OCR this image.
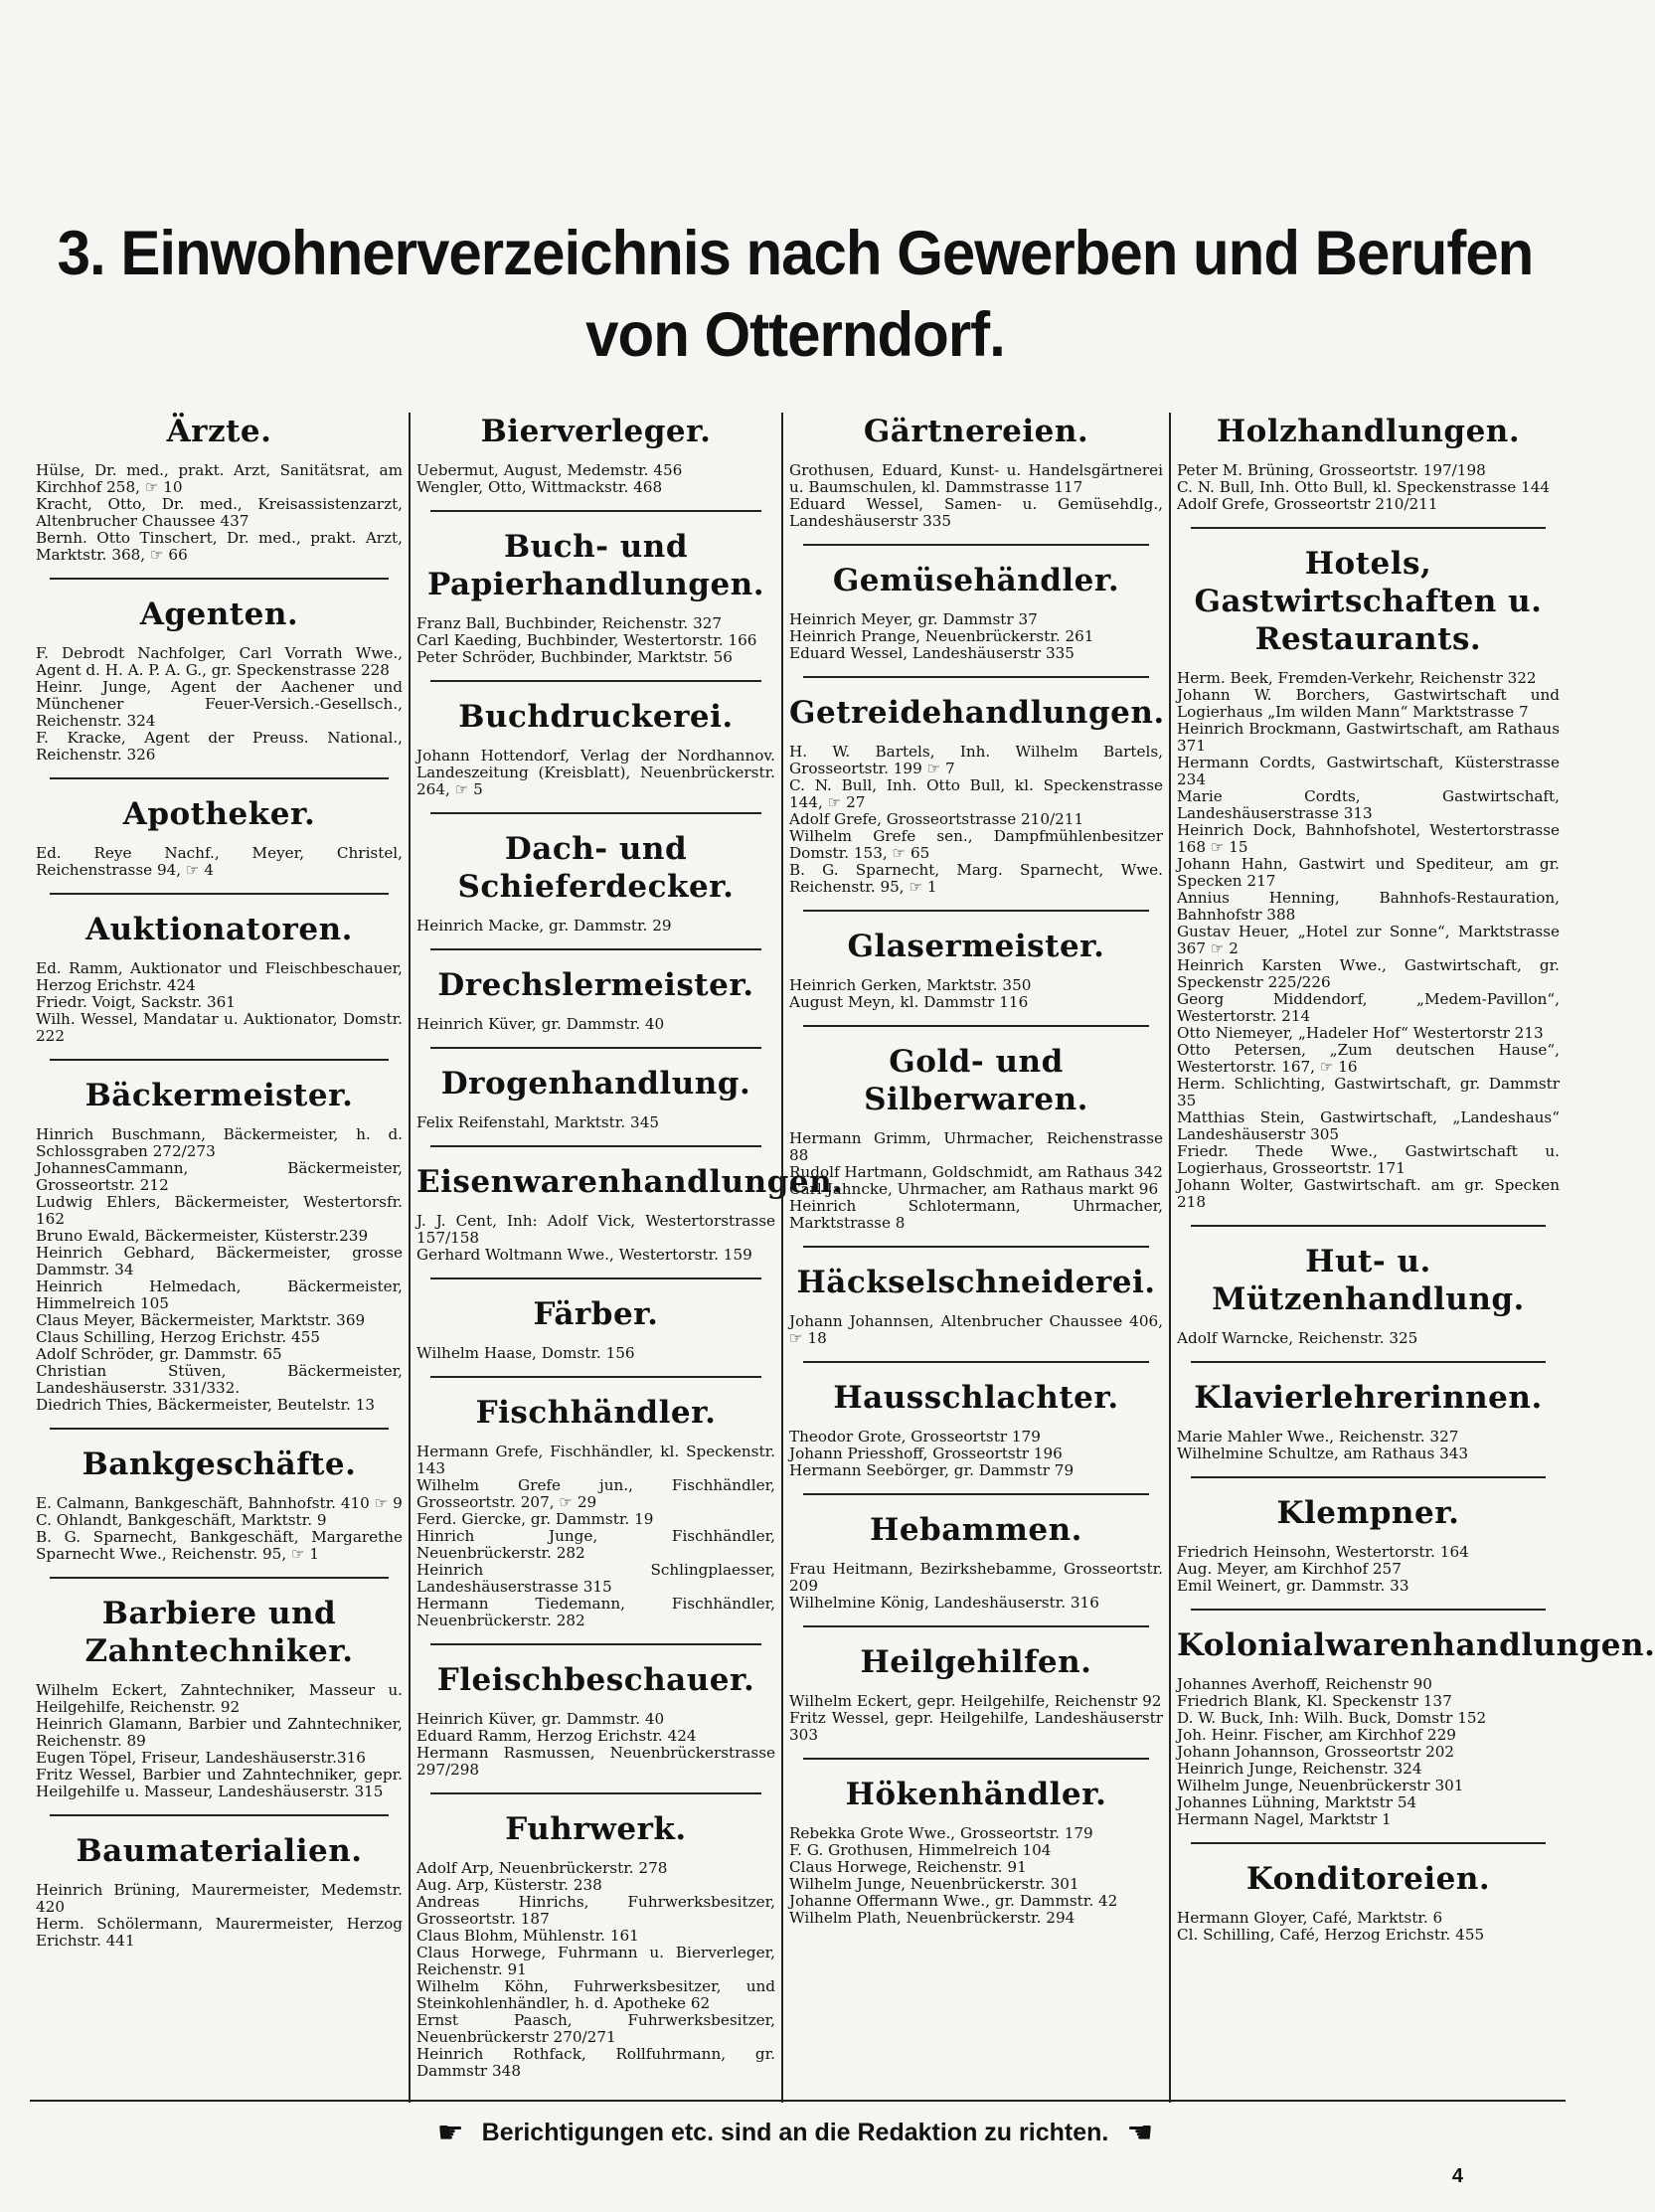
3. Einwohnerverzeichnis nach Gewerben und Berufen
von Otterndorf.
Ärzte.
Hülse, Dr. med., prakt. Arzt, Sanitätsrat, am Kirchhof 258, ☞ 10
Kracht, Otto, Dr. med., Kreisassistenzarzt, Altenbrucher Chaussee 437
Bernh. Otto Tinschert, Dr. med., prakt. Arzt, Marktstr. 368, ☞ 66
Agenten.
F. Debrodt Nachfolger, Carl Vorrath Wwe., Agent d. H. A. P. A. G., gr. Speckenstrasse 228
Heinr. Junge, Agent der Aachener und Münchener Feuer-Versich.-Gesellsch., Reichenstr. 324
F. Kracke, Agent der Preuss. National., Reichenstr. 326
Apotheker.
Ed. Reye Nachf., Meyer, Christel, Reichenstrasse 94, ☞ 4
Auktionatoren.
Ed. Ramm, Auktionator und Fleischbeschauer, Herzog Erichstr. 424
Friedr. Voigt, Sackstr. 361
Wilh. Wessel, Mandatar u. Auktionator, Domstr. 222
Bäckermeister.
Hinrich Buschmann, Bäckermeister, h. d. Schlossgraben 272/273
JohannesCammann, Bäckermeister, Grosseortstr. 212
Ludwig Ehlers, Bäckermeister, Westertorsfr. 162
Bruno Ewald, Bäckermeister, Küsterstr.239
Heinrich Gebhard, Bäckermeister, grosse Dammstr. 34
Heinrich Helmedach, Bäckermeister, Himmelreich 105
Claus Meyer, Bäckermeister, Marktstr. 369
Claus Schilling, Herzog Erichstr. 455
Adolf Schröder, gr. Dammstr. 65
Christian Stüven, Bäckermeister, Landeshäuserstr. 331/332.
Diedrich Thies, Bäckermeister, Beutelstr. 13
Bankgeschäfte.
E. Calmann, Bankgeschäft, Bahnhofstr. 410 ☞ 9
C. Ohlandt, Bankgeschäft, Marktstr. 9
B. G. Sparnecht, Bankgeschäft, Margarethe Sparnecht Wwe., Reichenstr. 95, ☞ 1
Barbiere und Zahntechniker.
Wilhelm Eckert, Zahntechniker, Masseur u. Heilgehilfe, Reichenstr. 92
Heinrich Glamann, Barbier und Zahntechniker, Reichenstr. 89
Eugen Töpel, Friseur, Landeshäuserstr.316
Fritz Wessel, Barbier und Zahntechniker, gepr. Heilgehilfe u. Masseur, Landeshäuserstr. 315
Baumaterialien.
Heinrich Brüning, Maurermeister, Medemstr. 420
Herm. Schölermann, Maurermeister, Herzog Erichstr. 441
Bierverleger.
Uebermut, August, Medemstr. 456
Wengler, Otto, Wittmackstr. 468
Buch- und Papierhandlungen.
Franz Ball, Buchbinder, Reichenstr. 327
Carl Kaeding, Buchbinder, Westertorstr. 166
Peter Schröder, Buchbinder, Marktstr. 56
Buchdruckerei.
Johann Hottendorf, Verlag der Nordhannov. Landeszeitung (Kreisblatt), Neuenbrückerstr. 264, ☞ 5
Dach- und Schieferdecker.
Heinrich Macke, gr. Dammstr. 29
Drechslermeister.
Heinrich Küver, gr. Dammstr. 40
Drogenhandlung.
Felix Reifenstahl, Marktstr. 345
Eisenwarenhandlungen.
J. J. Cent, Inh: Adolf Vick, Westertorstrasse 157/158
Gerhard Woltmann Wwe., Westertorstr. 159
Färber.
Wilhelm Haase, Domstr. 156
Fischhändler.
Hermann Grefe, Fischhändler, kl. Speckenstr. 143
Wilhelm Grefe jun., Fischhändler, Grosseortstr. 207, ☞ 29
Ferd. Giercke, gr. Dammstr. 19
Hinrich Junge, Fischhändler, Neuenbrückerstr. 282
Heinrich Schlingplaesser, Landeshäuserstrasse 315
Hermann Tiedemann, Fischhändler, Neuenbrückerstr. 282
Fleischbeschauer.
Heinrich Küver, gr. Dammstr. 40
Eduard Ramm, Herzog Erichstr. 424
Hermann Rasmussen, Neuenbrückerstrasse 297/298
Fuhrwerk.
Adolf Arp, Neuenbrückerstr. 278
Aug. Arp, Küsterstr. 238
Andreas Hinrichs, Fuhrwerksbesitzer, Grosseortstr. 187
Claus Blohm, Mühlenstr. 161
Claus Horwege, Fuhrmann u. Bierverleger, Reichenstr. 91
Wilhelm Köhn, Fuhrwerksbesitzer, und Steinkohlenhändler, h. d. Apotheke 62
Ernst Paasch, Fuhrwerksbesitzer, Neuenbrückerstr 270/271
Heinrich Rothfack, Rollfuhrmann, gr. Dammstr 348
Gärtnereien.
Grothusen, Eduard, Kunst- u. Handelsgärtnerei u. Baumschulen, kl. Dammstrasse 117
Eduard Wessel, Samen- u. Gemüsehdlg., Landeshäuserstr 335
Gemüsehändler.
Heinrich Meyer, gr. Dammstr 37
Heinrich Prange, Neuenbrückerstr. 261
Eduard Wessel, Landeshäuserstr 335
Getreidehandlungen.
H. W. Bartels, Inh. Wilhelm Bartels, Grosseortstr. 199 ☞ 7
C. N. Bull, Inh. Otto Bull, kl. Speckenstrasse 144, ☞ 27
Adolf Grefe, Grosseortstrasse 210/211
Wilhelm Grefe sen., Dampfmühlenbesitzer Domstr. 153, ☞ 65
B. G. Sparnecht, Marg. Sparnecht, Wwe. Reichenstr. 95, ☞ 1
Glasermeister.
Heinrich Gerken, Marktstr. 350
August Meyn, kl. Dammstr 116
Gold- und Silberwaren.
Hermann Grimm, Uhrmacher, Reichenstrasse 88
Rudolf Hartmann, Goldschmidt, am Rathaus 342
Carl Jahncke, Uhrmacher, am Rathaus markt 96
Heinrich Schlotermann, Uhrmacher, Marktstrasse 8
Häckselschneiderei.
Johann Johannsen, Altenbrucher Chaussee 406, ☞ 18
Hausschlachter.
Theodor Grote, Grosseortstr 179
Johann Priesshoff, Grosseortstr 196
Hermann Seebörger, gr. Dammstr 79
Hebammen.
Frau Heitmann, Bezirkshebamme, Grosseortstr. 209
Wilhelmine König, Landeshäuserstr. 316
Heilgehilfen.
Wilhelm Eckert, gepr. Heilgehilfe, Reichenstr 92
Fritz Wessel, gepr. Heilgehilfe, Landeshäuserstr 303
Hökenhändler.
Rebekka Grote Wwe., Grosseortstr. 179
F. G. Grothusen, Himmelreich 104
Claus Horwege, Reichenstr. 91
Wilhelm Junge, Neuenbrückerstr. 301
Johanne Offermann Wwe., gr. Dammstr. 42
Wilhelm Plath, Neuenbrückerstr. 294
Holzhandlungen.
Peter M. Brüning, Grosseortstr. 197/198
C. N. Bull, Inh. Otto Bull, kl. Speckenstrasse 144
Adolf Grefe, Grosseortstr 210/211
Hotels, Gastwirtschaften u. Restaurants.
Herm. Beek, Fremden-Verkehr, Reichenstr 322
Johann W. Borchers, Gastwirtschaft und Logierhaus „Im wilden Mann“ Marktstrasse 7
Heinrich Brockmann, Gastwirtschaft, am Rathaus 371
Hermann Cordts, Gastwirtschaft, Küsterstrasse 234
Marie Cordts, Gastwirtschaft, Landeshäuserstrasse 313
Heinrich Dock, Bahnhofshotel, Westertorstrasse 168 ☞ 15
Johann Hahn, Gastwirt und Spediteur, am gr. Specken 217
Annius Henning, Bahnhofs-Restauration, Bahnhofstr 388
Gustav Heuer, „Hotel zur Sonne“, Marktstrasse 367 ☞ 2
Heinrich Karsten Wwe., Gastwirtschaft, gr. Speckenstr 225/226
Georg Middendorf, „Medem-Pavillon“, Westertorstr. 214
Otto Niemeyer, „Hadeler Hof“ Westertorstr 213
Otto Petersen, „Zum deutschen Hause“, Westertorstr. 167, ☞ 16
Herm. Schlichting, Gastwirtschaft, gr. Dammstr 35
Matthias Stein, Gastwirtschaft, „Landeshaus“ Landeshäuserstr 305
Friedr. Thede Wwe., Gastwirtschaft u. Logierhaus, Grosseortstr. 171
Johann Wolter, Gastwirtschaft. am gr. Specken 218
Hut- u. Mützenhandlung.
Adolf Warncke, Reichenstr. 325
Klavierlehrerinnen.
Marie Mahler Wwe., Reichenstr. 327
Wilhelmine Schultze, am Rathaus 343
Klempner.
Friedrich Heinsohn, Westertorstr. 164
Aug. Meyer, am Kirchhof 257
Emil Weinert, gr. Dammstr. 33
Kolonialwarenhandlungen.
Johannes Averhoff, Reichenstr 90
Friedrich Blank, Kl. Speckenstr 137
D. W. Buck, Inh: Wilh. Buck, Domstr 152
Joh. Heinr. Fischer, am Kirchhof 229
Johann Johannson, Grosseortstr 202
Heinrich Junge, Reichenstr. 324
Wilhelm Junge, Neuenbrückerstr 301
Johannes Lühning, Marktstr 54
Hermann Nagel, Marktstr 1
Konditoreien.
Hermann Gloyer, Café, Marktstr. 6
Cl. Schilling, Café, Herzog Erichstr. 455
☛ Berichtigungen etc. sind an die Redaktion zu richten. ☚
4
